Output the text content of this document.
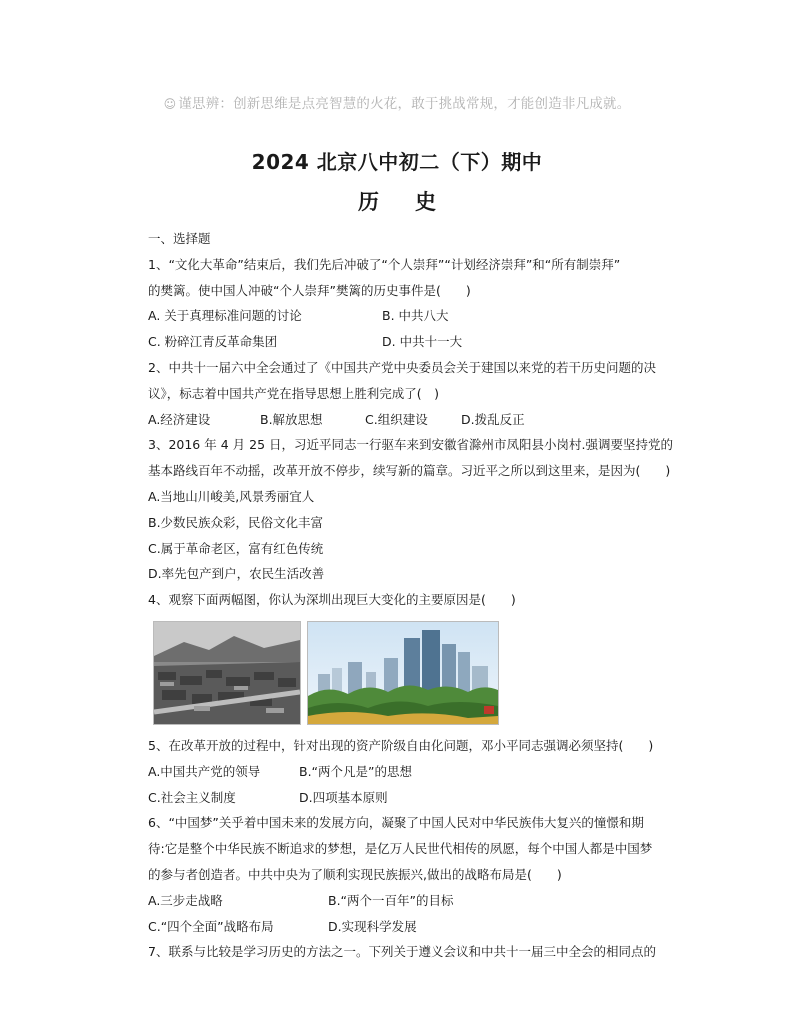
☺ 谨思辨：创新思维是点亮智慧的火花，敢于挑战常规，才能创造非凡成就。
2024 北京八中初二（下）期中
历史
一、选择题
1、“文化大革命”结束后，我们先后冲破了“个人崇拜”“计划经济崇拜”和“所有制崇拜”
的樊篱。使中国人冲破“个人崇拜”樊篱的历史事件是(　　)
A. 关于真理标准问题的讨论	B. 中共八大
C. 粉碎江青反革命集团	D. 中共十一大
2、中共十一届六中全会通过了《中国共产党中央委员会关于建国以来党的若干历史问题的决
议》，标志着中国共产党在指导思想上胜利完成了(　)
A.经济建设	B.解放思想	C.组织建设	D.拨乱反正
3、2016 年 4 月 25 日，习近平同志一行驱车来到安徽省滁州市凤阳县小岗村.强调要坚持党的
基本路线百年不动摇，改革开放不停步，续写新的篇章。习近平之所以到这里来，是因为(　　)
A.当地山川峻美,风景秀丽宜人
B.少数民族众彩，民俗文化丰富
C.属于革命老区，富有红色传统
D.率先包产到户，农民生活改善
4、观察下面两幅图，你认为深圳出现巨大变化的主要原因是(　　)
5、在改革开放的过程中，针对出现的资产阶级自由化问题，邓小平同志强调必须坚持(　　)
A.中国共产党的领导	B.“两个凡是”的思想
C.社会主义制度	D.四项基本原则
6、“中国梦”关乎着中国未来的发展方向，凝聚了中国人民对中华民族伟大复兴的憧憬和期
待:它是整个中华民族不断追求的梦想，是亿万人民世代相传的夙愿，每个中国人都是中国梦
的参与者创造者。中共中央为了顺利实现民族振兴,做出的战略布局是(　　)
A.三步走战略	B.“两个一百年”的目标
C.“四个全面”战略布局	D.实现科学发展
7、联系与比较是学习历史的方法之一。下列关于遵义会议和中共十一届三中全会的相同点的
